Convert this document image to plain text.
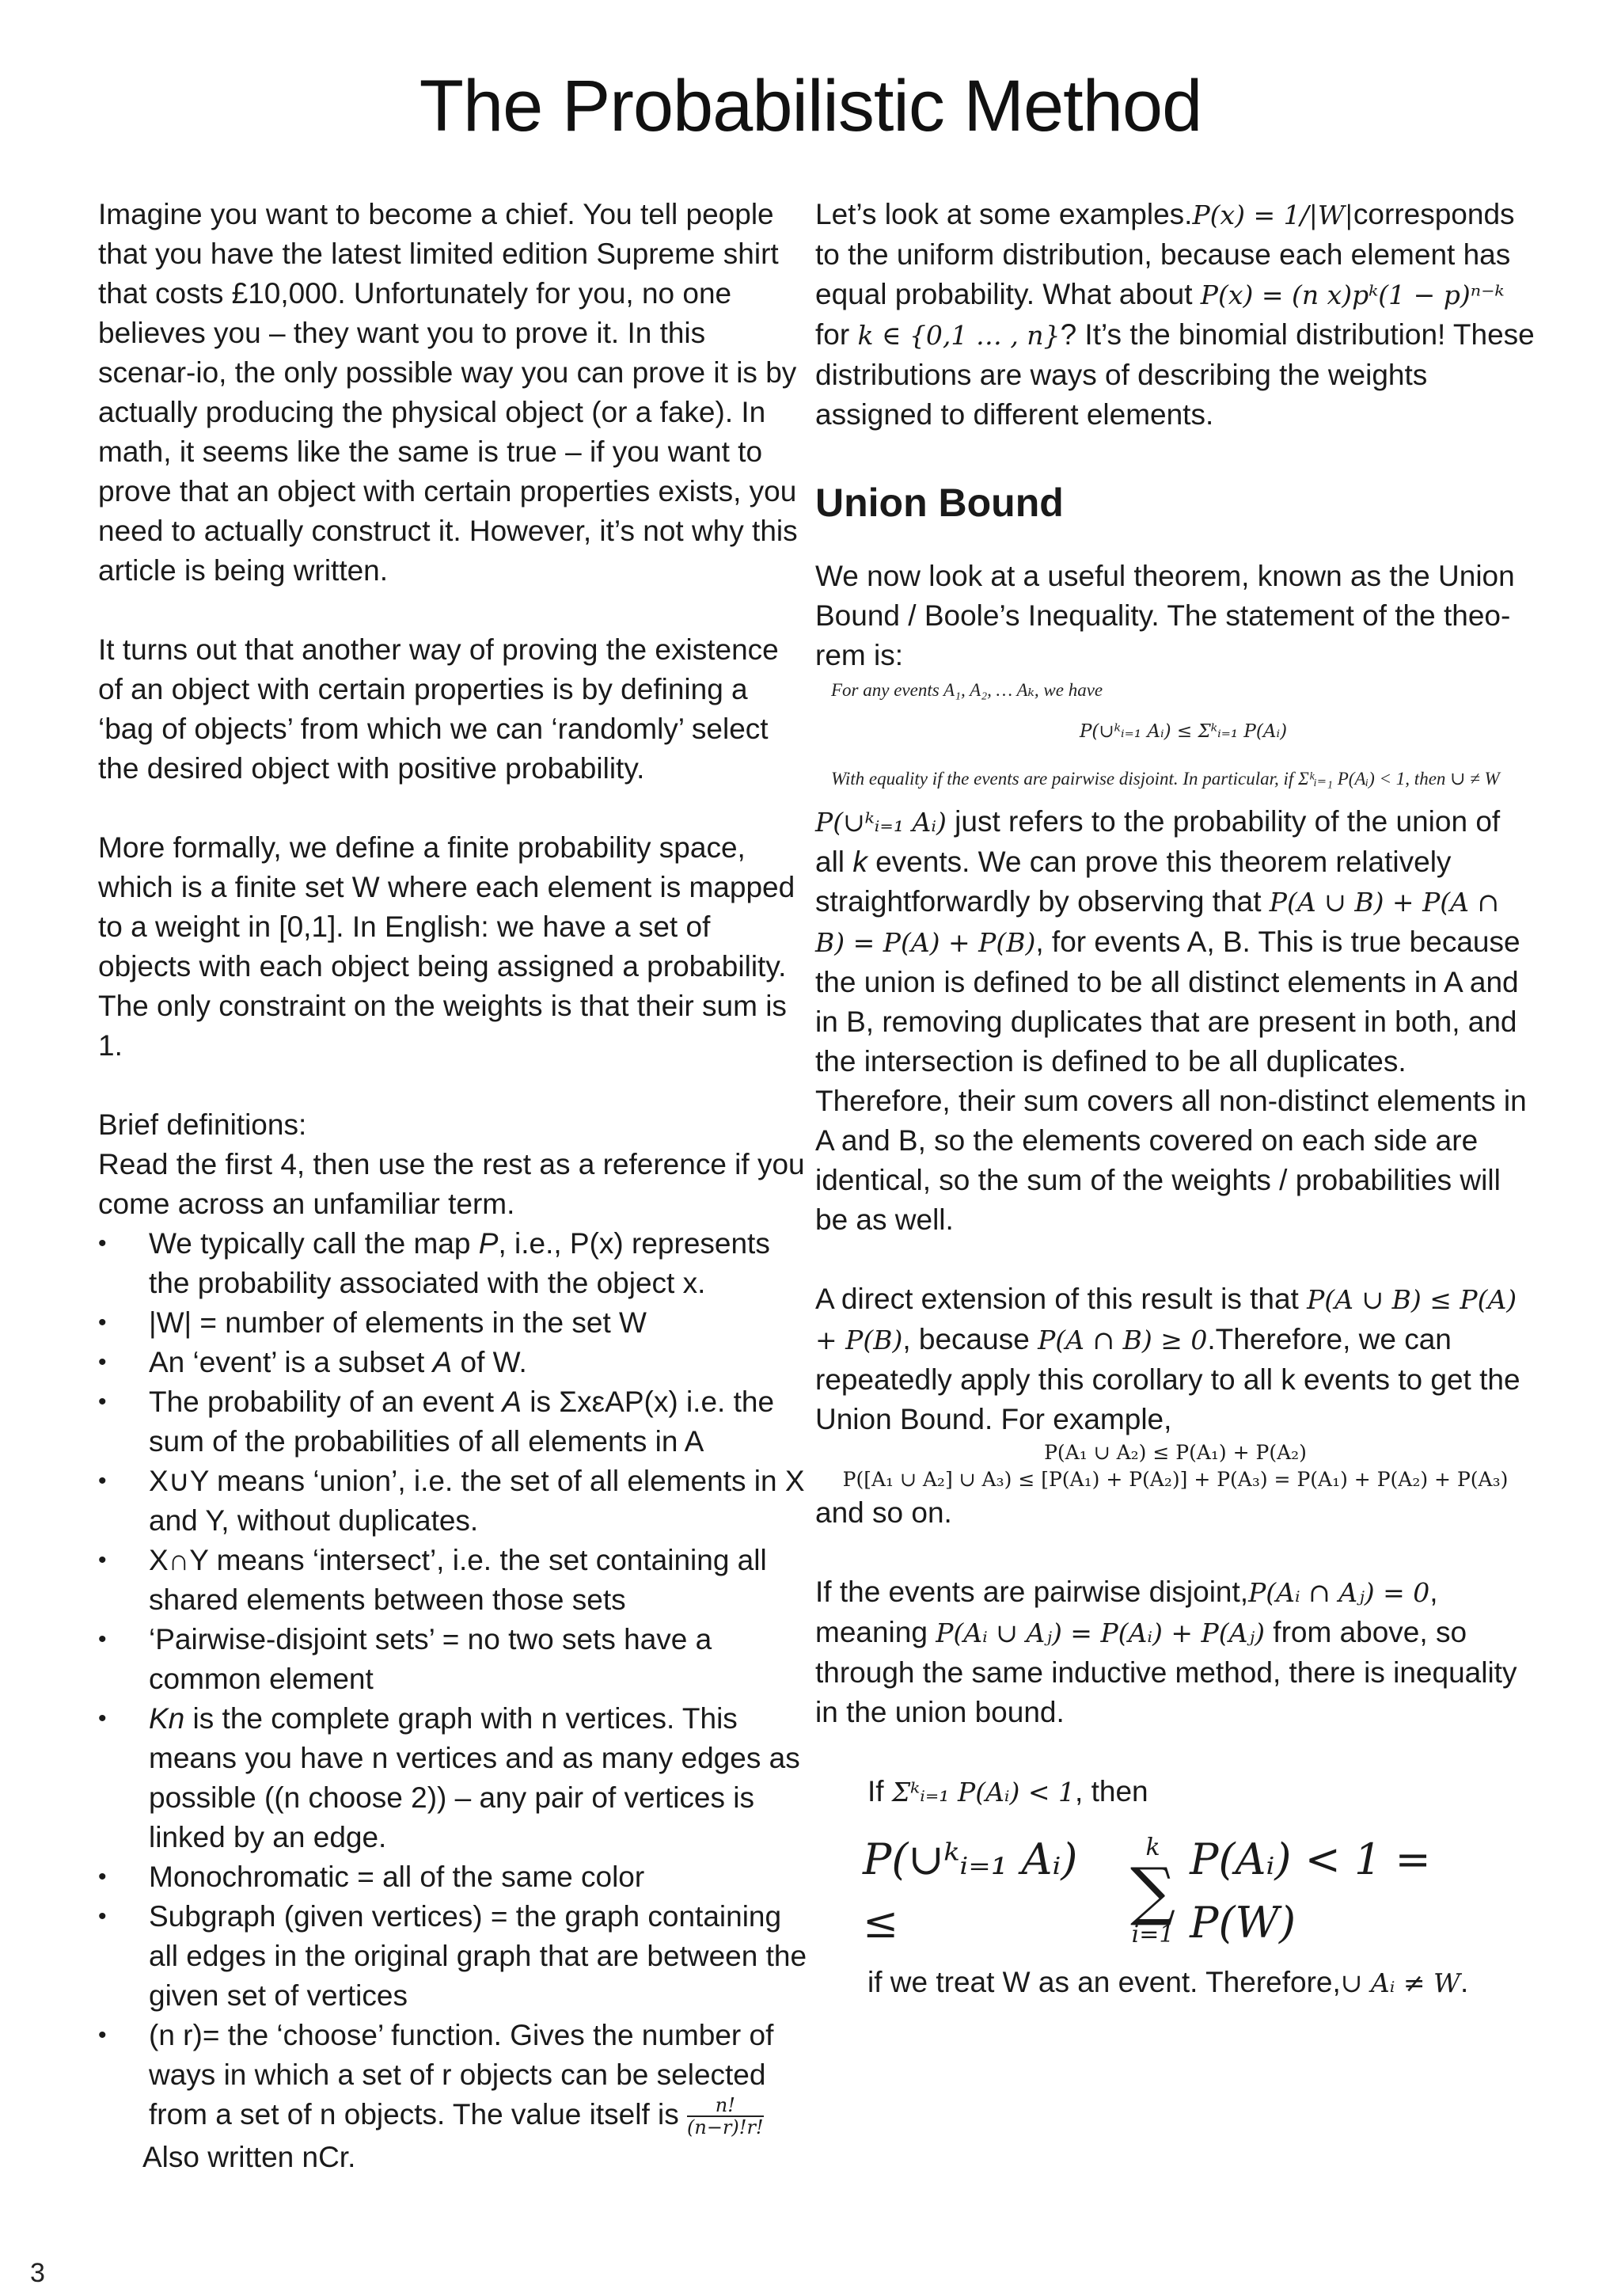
The Probabilistic Method

Imagine you want to become a chief. You tell people that you have the latest limited edition Supreme shirt that costs £10,000. Unfortunately for you, no one believes you – they want you to prove it. In this scenar-io, the only possible way you can prove it is by actually producing the physical object (or a fake). In math, it seems like the same is true – if you want to prove that an object with certain properties exists, you need to actually construct it. However, it’s not why this article is being written.

It turns out that another way of proving the existence of an object with certain properties is by defining a ‘bag of objects’ from which we can ‘randomly’ select the desired object with positive probability.

More formally, we define a finite probability space, which is a finite set W where each element is mapped to a weight in [0,1]. In English: we have a set of objects with each object being assigned a probability. The only constraint on the weights is that their sum is 1.

Brief definitions:

Read the first 4, then use the rest as a reference if you come across an unfamiliar term.

• We typically call the map P, i.e., P(x) represents the probability associated with the object x.
• |W| = number of elements in the set W
• An ‘event’ is a subset A of W.
• The probability of an event A is ΣxεAP(x) i.e. the sum of the probabilities of all elements in A
• X∪Y means ‘union’, i.e. the set of all elements in X and Y, without duplicates.
• X∩Y means ‘intersect’, i.e. the set containing all shared elements between those sets
• ‘Pairwise-disjoint sets’ = no two sets have a common element
• Kn is the complete graph with n vertices. This means you have n vertices and as many edges as possible ((n choose 2)) – any pair of vertices is linked by an edge.
• Monochromatic = all of the same color
• Subgraph (given vertices) = the graph containing all edges in the original graph that are between the given set of vertices
• (n r)= the ‘choose’ function. Gives the number of ways in which a set of r objects can be selected from a set of n objects. The value itself is $\frac{n!}{(n-r)!r!}$

Also written nCr.

Let’s look at some examples.P(x) = 1/|W|corresponds to the uniform distribution, because each element has equal probability. What about P(x) = (n x)pᵏ(1 − p)ⁿ⁻ᵏ for k ∈ {0,1 … , n}? It’s the binomial distribution! These distributions are ways of describing the weights assigned to different elements.

Union Bound

We now look at a useful theorem, known as the Union Bound / Boole’s Inequality. The statement of the theo-rem is:

For any events A₁, A₂, … Aₖ, we have
P(∪ᵏᵢ₌₁ Aᵢ) ≤ Σᵏᵢ₌₁ P(Aᵢ)
With equality if the events are pairwise disjoint. In particular, if Σᵏᵢ₌₁ P(Aᵢ) < 1, then ∪ ≠ W

P(∪ᵏᵢ₌₁ Aᵢ) just refers to the probability of the union of all k events. We can prove this theorem relatively straightforwardly by observing that P(A ∪ B) + P(A ∩ B) = P(A) + P(B), for events A, B. This is true because the union is defined to be all distinct elements in A and in B, removing duplicates that are present in both, and the intersection is defined to be all duplicates. Therefore, their sum covers all non-distinct elements in A and B, so the elements covered on each side are identical, so the sum of the weights / probabilities will be as well.

A direct extension of this result is that P(A ∪ B) ≤ P(A) + P(B), because P(A ∩ B) ≥ 0.Therefore, we can repeatedly apply this corollary to all k events to get the Union Bound. For example,

P(A₁ ∪ A₂) ≤ P(A₁) + P(A₂)
P([A₁ ∪ A₂] ∪ A₃) ≤ [P(A₁) + P(A₂)] + P(A₃) = P(A₁) + P(A₂) + P(A₃)

and so on.

If the events are pairwise disjoint,P(Aᵢ ∩ Aⱼ) = 0, meaning P(Aᵢ ∪ Aⱼ) = P(Aᵢ) + P(Aⱼ) from above, so through the same inductive method, there is inequality in the union bound.

If Σᵏᵢ₌₁ P(Aᵢ) < 1, then

P(∪ᵏᵢ₌₁ Aᵢ) ≤
k
∑
i=1
P(Aᵢ) < 1 = P(W)

if we treat W as an event. Therefore,∪ Aᵢ ≠ W.

3
